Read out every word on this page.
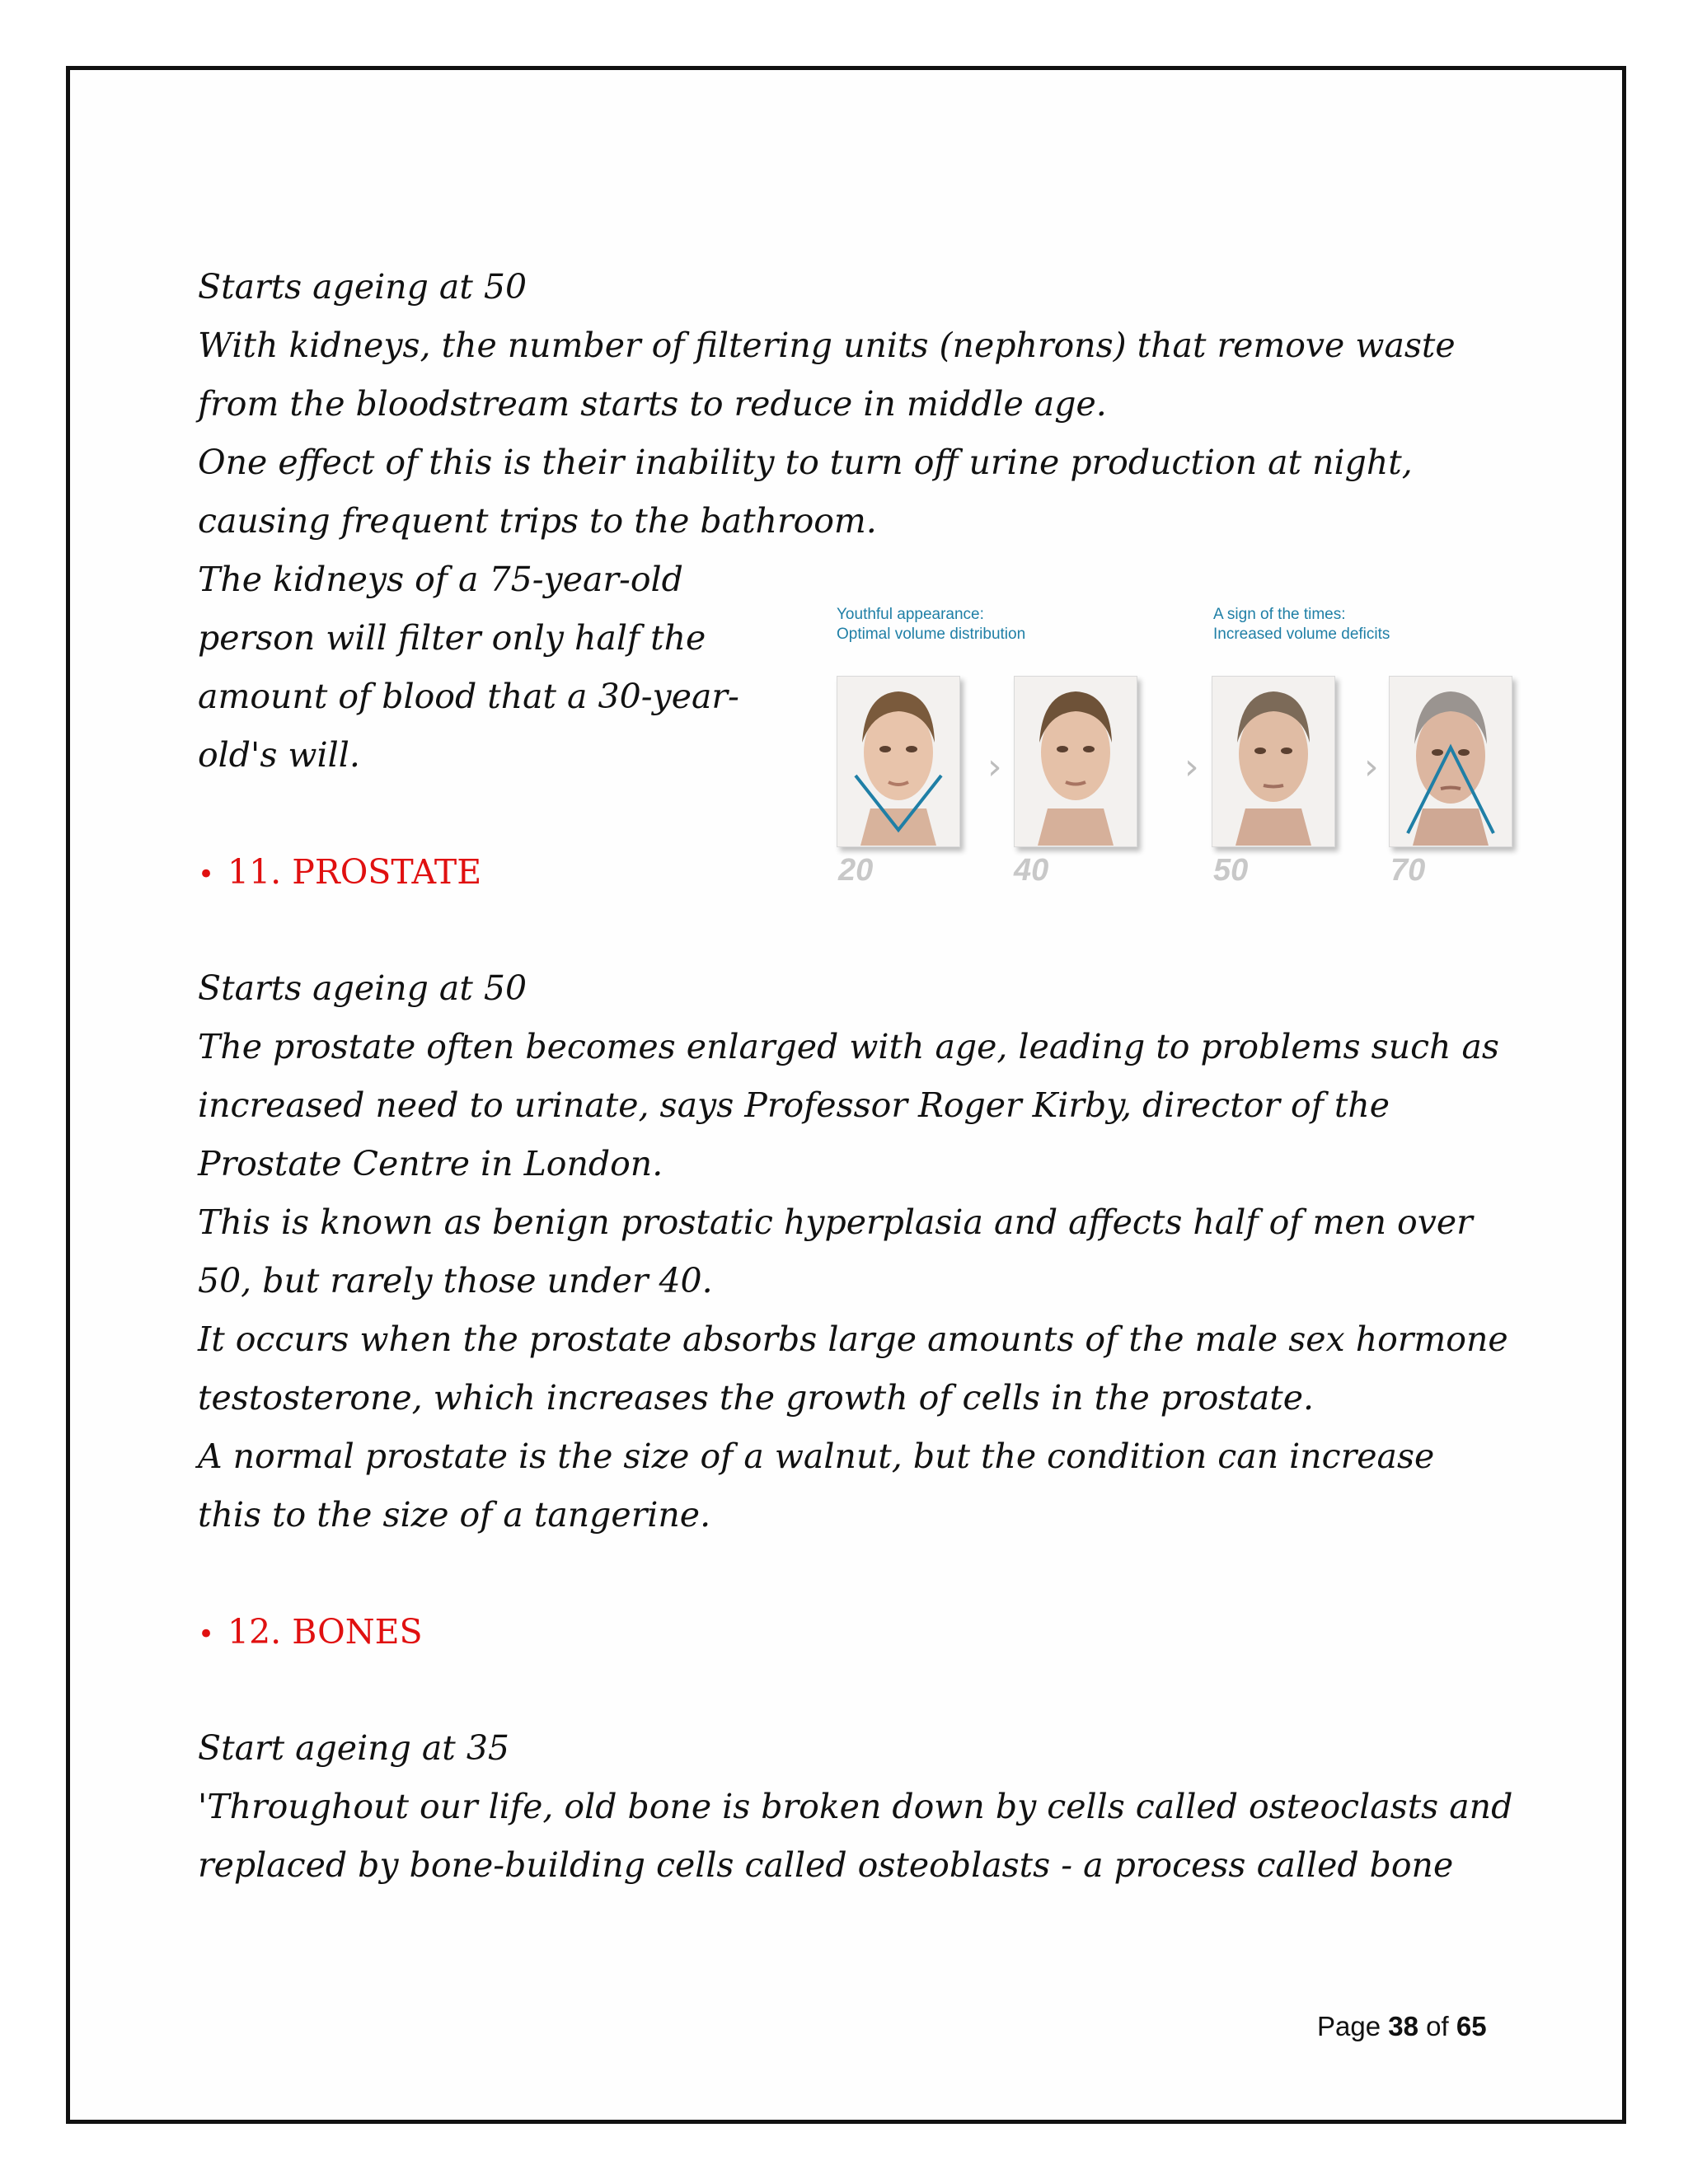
Starts ageing at 50

With kidneys, the number of filtering units (nephrons) that remove waste

from the bloodstream starts to reduce in middle age.

One effect of this is their inability to turn off urine production at night,

causing frequent trips to the bathroom.

The kidneys of a 75-year-old

person will filter only half the

amount of blood that a 30-year-

old's will.

Youthful appearance:
Optimal volume distribution
A sign of the times:
Increased volume deficits
›	›	›
20	40	50	70

• 11. PROSTATE

Starts ageing at 50

The prostate often becomes enlarged with age, leading to problems such as

increased need to urinate, says Professor Roger Kirby, director of the

Prostate Centre in London.

This is known as benign prostatic hyperplasia and affects half of men over

50, but rarely those under 40.

It occurs when the prostate absorbs large amounts of the male sex hormone

testosterone, which increases the growth of cells in the prostate.

A normal prostate is the size of a walnut, but the condition can increase

this to the size of a tangerine.

• 12. BONES

Start ageing at 35

'Throughout our life, old bone is broken down by cells called osteoclasts and

replaced by bone-building cells called osteoblasts - a process called bone

Page 38 of 65
